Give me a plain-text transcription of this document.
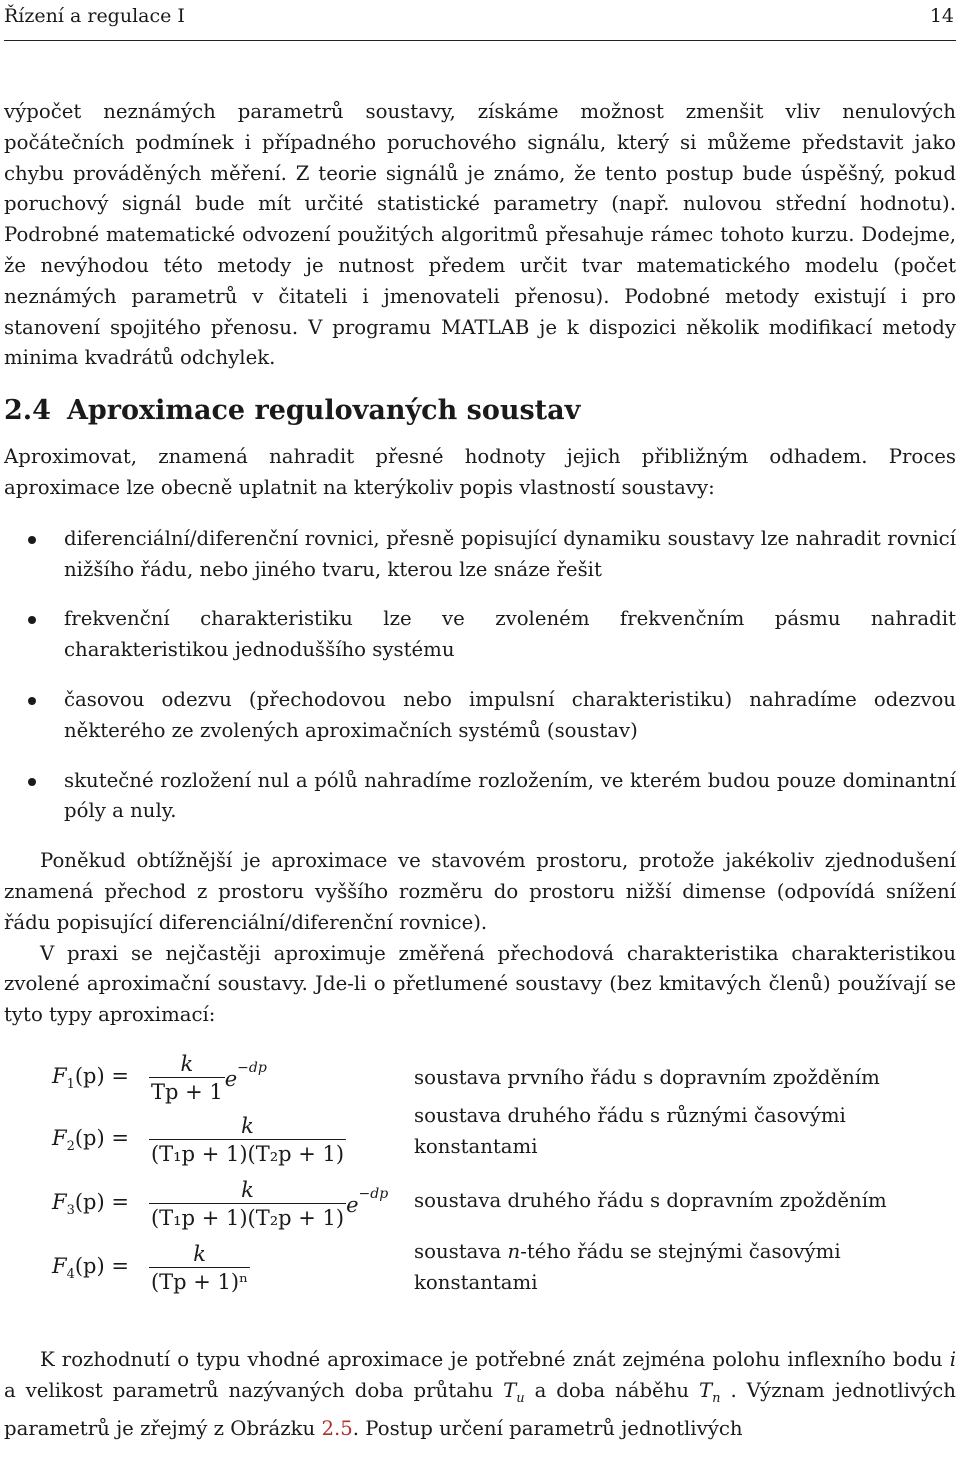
Řízení a regulace I	14

výpočet neznámých parametrů soustavy, získáme možnost zmenšit vliv nenulových počátečních podmínek i případného poruchového signálu, který si můžeme představit jako chybu prováděných měření. Z teorie signálů je známo, že tento postup bude úspěšný, pokud poruchový signál bude mít určité statistické parametry (např. nulovou střední hodnotu). Podrobné matematické odvození použitých algoritmů přesahuje rámec tohoto kurzu. Dodejme, že nevýhodou této metody je nutnost předem určit tvar matematického modelu (počet neznámých parametrů v čitateli i jmenovateli přenosu). Podobné metody existují i pro stanovení spojitého přenosu. V programu MATLAB je k dispozici několik modifikací metody minima kvadrátů odchylek.

2.4 Aproximace regulovaných soustav

Aproximovat, znamená nahradit přesné hodnoty jejich přibližným odhadem. Proces aproximace lze obecně uplatnit na kterýkoliv popis vlastností soustavy:

diferenciální/diferenční rovnici, přesně popisující dynamiku soustavy lze nahradit rovnicí nižšího řádu, nebo jiného tvaru, kterou lze snáze řešit

frekvenční charakteristiku lze ve zvoleném frekvenčním pásmu nahradit charakteristikou jednoduššího systému

časovou odezvu (přechodovou nebo impulsní charakteristiku) nahradíme odezvou některého ze zvolených aproximačních systémů (soustav)

skutečné rozložení nul a pólů nahradíme rozložením, ve kterém budou pouze dominantní póly a nuly.

Poněkud obtížnější je aproximace ve stavovém prostoru, protože jakékoliv zjednodušení znamená přechod z prostoru vyššího rozměru do prostoru nižší dimense (odpovídá snížení řádu popisující diferenciální/diferenční rovnice).

V praxi se nejčastěji aproximuje změřená přechodová charakteristika charakteristikou zvolené aproximační soustavy. Jde-li o přetlumené soustavy (bez kmitavých členů) používají se tyto typy aproximací:

$F_1(p) = \frac{k}{Tp + 1} e^{-dp}$	soustava prvního řádu s dopravním zpožděním
$F_2(p) = \frac{k}{\text{(T₁p + 1)(T₂p + 1)}}$	soustava druhého řádu s různými časovými konstantami
$F_3(p) = \frac{k}{\text{(T₁p + 1)(T₂p + 1)}} e^{-dp}$ soustava druhého řádu s dopravním zpožděním
$F_4(p) = \frac{k}{\text{(Tp + 1)ⁿ}}$	soustava n-tého řádu se stejnými časovými konstantami

K rozhodnutí o typu vhodné aproximace je potřebné znát zejména polohu inflexního bodu i a velikost parametrů nazývaných doba průtahu $T_u$ a doba náběhu $T_n$ . Význam jednotlivých parametrů je zřejmý z Obrázku 2.5. Postup určení parametrů jednotlivých
